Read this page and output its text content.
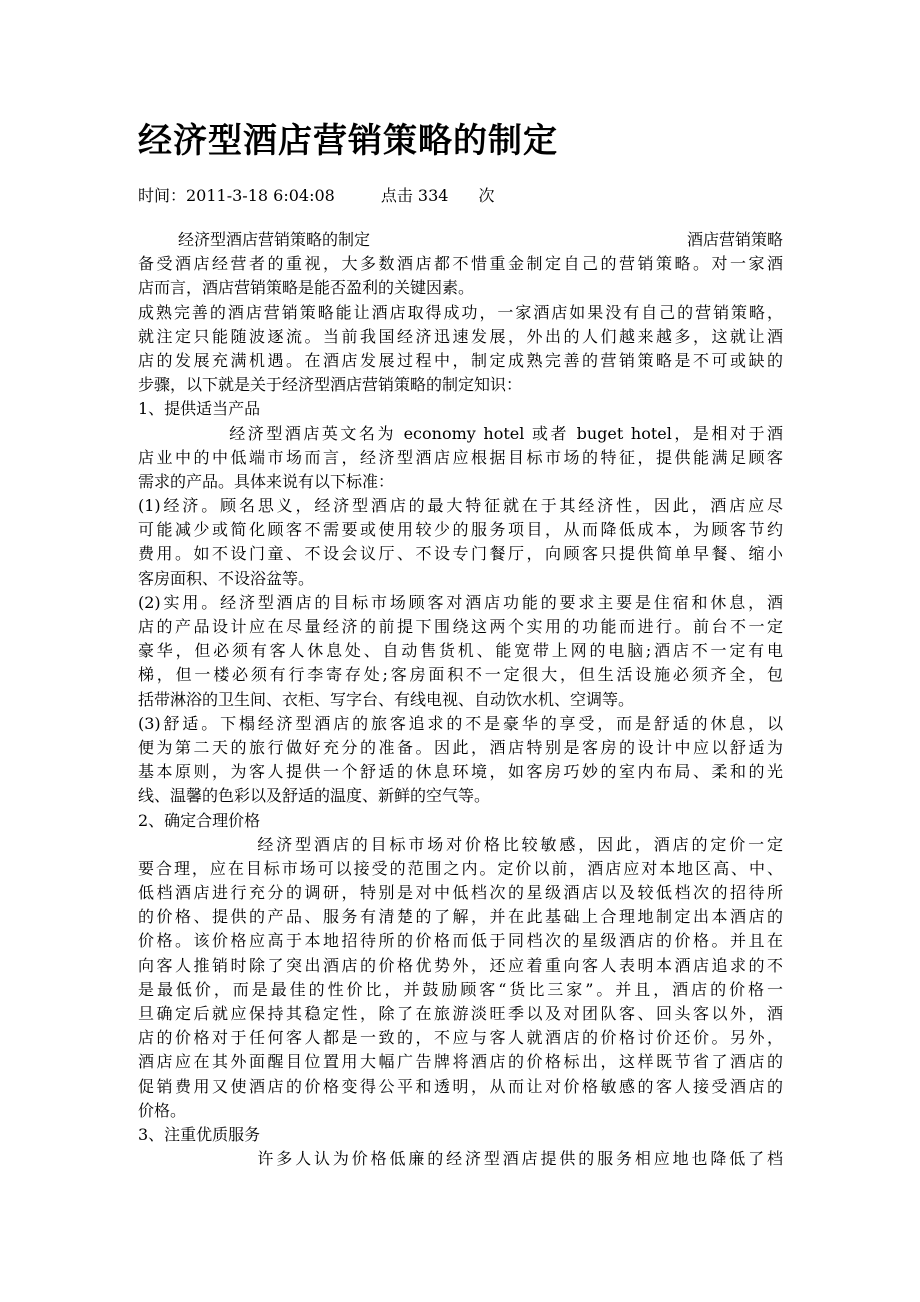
经济型酒店营销策略的制定
时间：2011-3-18 6:04:08	点击 334 次
经济型酒店营销策略的制定	酒店营销策略
备受酒店经营者的重视，大多数酒店都不惜重金制定自己的营销策略。对一家酒
店而言，酒店营销策略是能否盈利的关键因素。
成熟完善的酒店营销策略能让酒店取得成功，一家酒店如果没有自己的营销策略，
就注定只能随波逐流。当前我国经济迅速发展，外出的人们越来越多，这就让酒
店的发展充满机遇。在酒店发展过程中，制定成熟完善的营销策略是不可或缺的
步骤，以下就是关于经济型酒店营销策略的制定知识：
1、提供适当产品
经济型酒店英文名为 economy hotel 或者 buget hotel，是相对于酒
店业中的中低端市场而言，经济型酒店应根据目标市场的特征，提供能满足顾客
需求的产品。具体来说有以下标准：
(1)经济。顾名思义，经济型酒店的最大特征就在于其经济性，因此，酒店应尽
可能减少或简化顾客不需要或使用较少的服务项目，从而降低成本，为顾客节约
费用。如不设门童、不设会议厅、不设专门餐厅，向顾客只提供简单早餐、缩小
客房面积、不设浴盆等。
(2)实用。经济型酒店的目标市场顾客对酒店功能的要求主要是住宿和休息，酒
店的产品设计应在尽量经济的前提下围绕这两个实用的功能而进行。前台不一定
豪华，但必须有客人休息处、自动售货机、能宽带上网的电脑;酒店不一定有电
梯，但一楼必须有行李寄存处;客房面积不一定很大，但生活设施必须齐全，包
括带淋浴的卫生间、衣柜、写字台、有线电视、自动饮水机、空调等。
(3)舒适。下榻经济型酒店的旅客追求的不是豪华的享受，而是舒适的休息，以
便为第二天的旅行做好充分的准备。因此，酒店特别是客房的设计中应以舒适为
基本原则，为客人提供一个舒适的休息环境，如客房巧妙的室内布局、柔和的光
线、温馨的色彩以及舒适的温度、新鲜的空气等。
2、确定合理价格
经济型酒店的目标市场对价格比较敏感，因此，酒店的定价一定
要合理，应在目标市场可以接受的范围之内。定价以前，酒店应对本地区高、中、
低档酒店进行充分的调研，特别是对中低档次的星级酒店以及较低档次的招待所
的价格、提供的产品、服务有清楚的了解，并在此基础上合理地制定出本酒店的
价格。该价格应高于本地招待所的价格而低于同档次的星级酒店的价格。并且在
向客人推销时除了突出酒店的价格优势外，还应着重向客人表明本酒店追求的不
是最低价，而是最佳的性价比，并鼓励顾客“货比三家”。并且，酒店的价格一
旦确定后就应保持其稳定性，除了在旅游淡旺季以及对团队客、回头客以外，酒
店的价格对于任何客人都是一致的，不应与客人就酒店的价格讨价还价。另外，
酒店应在其外面醒目位置用大幅广告牌将酒店的价格标出，这样既节省了酒店的
促销费用又使酒店的价格变得公平和透明，从而让对价格敏感的客人接受酒店的
价格。
3、注重优质服务
许多人认为价格低廉的经济型酒店提供的服务相应地也降低了档
